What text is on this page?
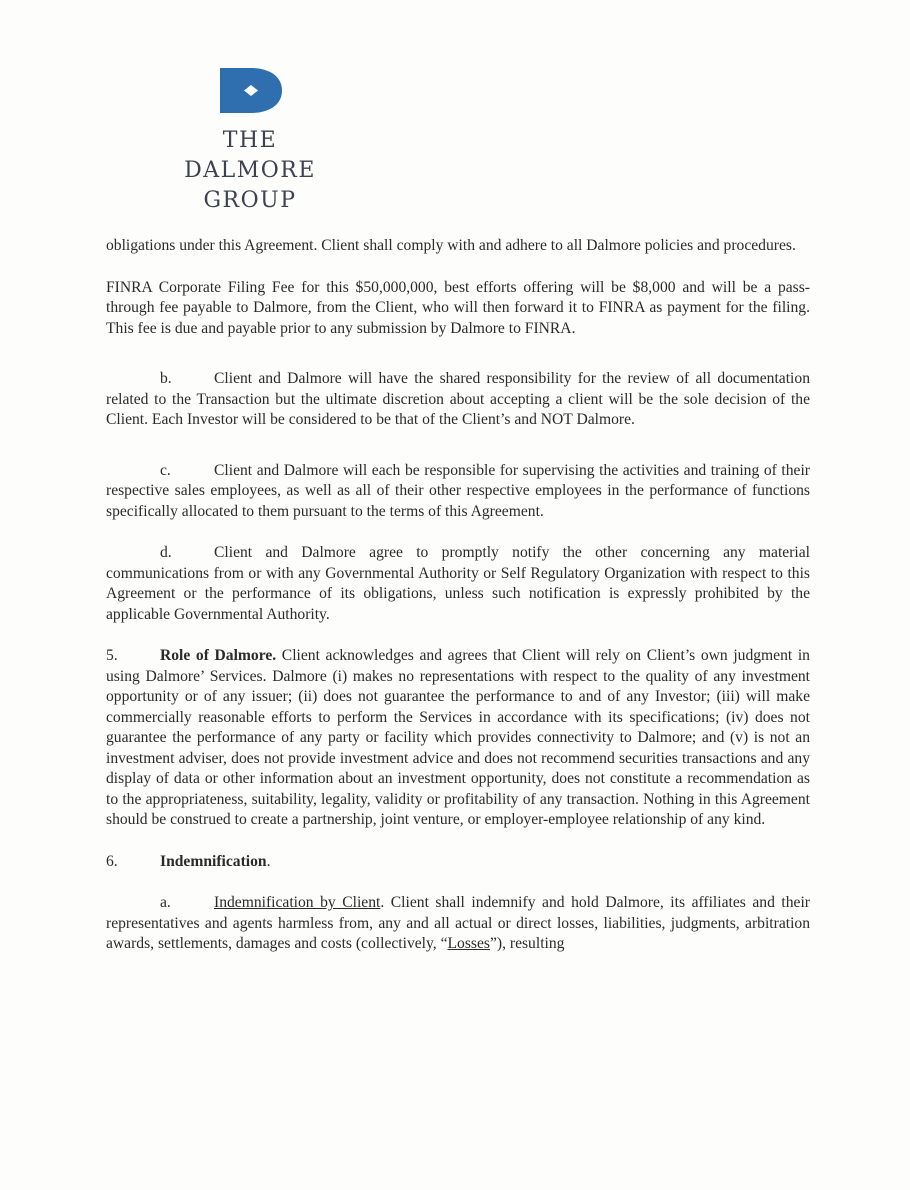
THE
DALMORE
GROUP

obligations under this Agreement. Client shall comply with and adhere to all Dalmore policies and procedures.

FINRA Corporate Filing Fee for this $50,000,000, best efforts offering will be $8,000 and will be a pass- through fee payable to Dalmore, from the Client, who will then forward it to FINRA as payment for the filing. This fee is due and payable prior to any submission by Dalmore to FINRA.

b.	Client and Dalmore will have the shared responsibility for the review of all documentation related to the Transaction but the ultimate discretion about accepting a client will be the sole decision of the Client. Each Investor will be considered to be that of the Client’s and NOT Dalmore.

c.	Client and Dalmore will each be responsible for supervising the activities and training of their respective sales employees, as well as all of their other respective employees in the performance of functions specifically allocated to them pursuant to the terms of this Agreement.

d.	Client and Dalmore agree to promptly notify the other concerning any material communications from or with any Governmental Authority or Self Regulatory Organization with respect to this Agreement or the performance of its obligations, unless such notification is expressly prohibited by the applicable Governmental Authority.

5.	Role of Dalmore. Client acknowledges and agrees that Client will rely on Client’s own judgment in using Dalmore’ Services. Dalmore (i) makes no representations with respect to the quality of any investment opportunity or of any issuer; (ii) does not guarantee the performance to and of any Investor; (iii) will make commercially reasonable efforts to perform the Services in accordance with its specifications; (iv) does not guarantee the performance of any party or facility which provides connectivity to Dalmore; and (v) is not an investment adviser, does not provide investment advice and does not recommend securities transactions and any display of data or other information about an investment opportunity, does not constitute a recommendation as to the appropriateness, suitability, legality, validity or profitability of any transaction. Nothing in this Agreement should be construed to create a partnership, joint venture, or employer-employee relationship of any kind.

6.	Indemnification.

a.	Indemnification by Client. Client shall indemnify and hold Dalmore, its affiliates and their representatives and agents harmless from, any and all actual or direct losses, liabilities, judgments, arbitration awards, settlements, damages and costs (collectively, “Losses”), resulting
